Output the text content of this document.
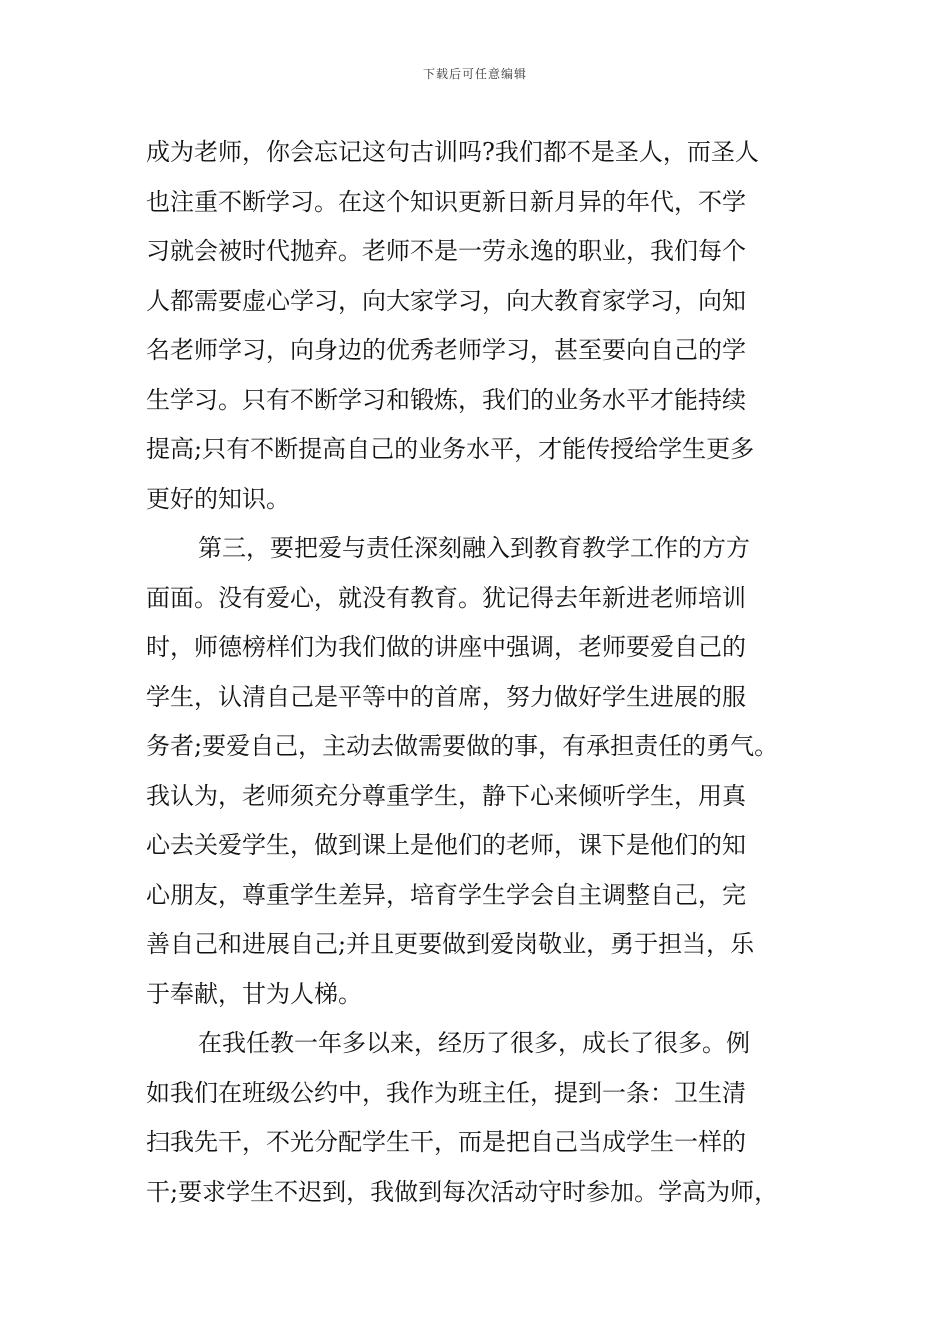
下载后可任意编辑
成为老师，你会忘记这句古训吗?我们都不是圣人，而圣人
也注重不断学习。在这个知识更新日新月异的年代，不学
习就会被时代抛弃。老师不是一劳永逸的职业，我们每个
人都需要虚心学习，向大家学习，向大教育家学习，向知
名老师学习，向身边的优秀老师学习，甚至要向自己的学
生学习。只有不断学习和锻炼，我们的业务水平才能持续
提高;只有不断提高自己的业务水平，才能传授给学生更多
更好的知识。
第三，要把爱与责任深刻融入到教育教学工作的方方
面面。没有爱心，就没有教育。犹记得去年新进老师培训
时，师德榜样们为我们做的讲座中强调，老师要爱自己的
学生，认清自己是平等中的首席，努力做好学生进展的服
务者;要爱自己，主动去做需要做的事，有承担责任的勇气。
我认为，老师须充分尊重学生，静下心来倾听学生，用真
心去关爱学生，做到课上是他们的老师，课下是他们的知
心朋友，尊重学生差异，培育学生学会自主调整自己，完
善自己和进展自己;并且更要做到爱岗敬业，勇于担当，乐
于奉献，甘为人梯。
在我任教一年多以来，经历了很多，成长了很多。例
如我们在班级公约中，我作为班主任，提到一条：卫生清
扫我先干，不光分配学生干，而是把自己当成学生一样的
干;要求学生不迟到，我做到每次活动守时参加。学高为师，
